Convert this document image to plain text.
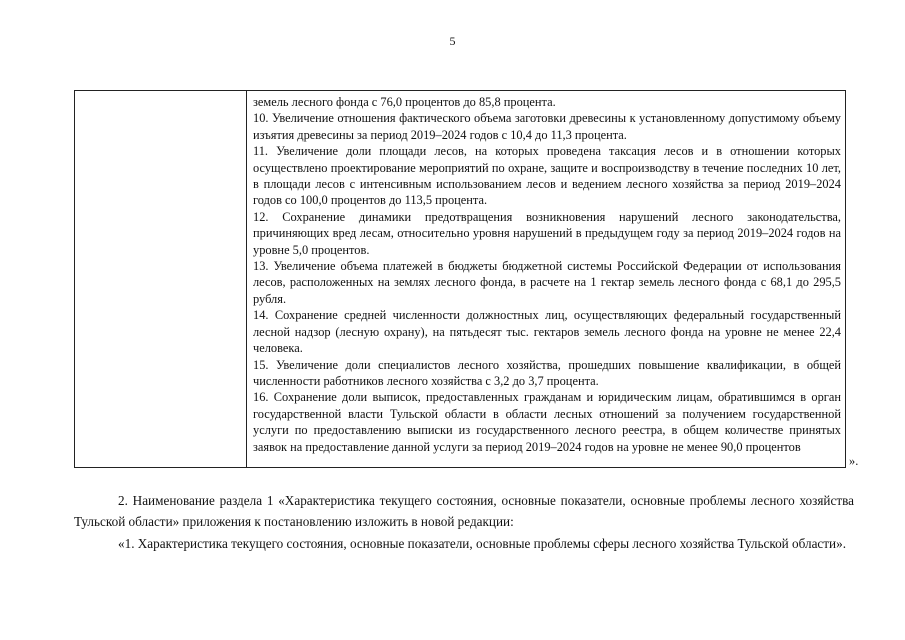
5

земель лесного фонда с 76,0 процентов до 85,8 процента.

10. Увеличение отношения фактического объема заготовки древесины к установленному допустимому объему изъятия древесины за период 2019–2024 годов с 10,4 до 11,3 процента.

11. Увеличение доли площади лесов, на которых проведена таксация лесов и в отношении которых осуществлено проектирование мероприятий по охране, защите и воспроизводству в течение последних 10 лет, в площади лесов с интенсивным использованием лесов и ведением лесного хозяйства за период 2019–2024 годов со 100,0 процентов до 113,5 процента.

12. Сохранение динамики предотвращения возникновения нарушений лесного законодательства, причиняющих вред лесам, относительно уровня нарушений в предыдущем году за период 2019–2024 годов на уровне 5,0 процентов.

13. Увеличение объема платежей в бюджеты бюджетной системы Российской Федерации от использования лесов, расположенных на землях лесного фонда, в расчете на 1 гектар земель лесного фонда с 68,1 до 295,5 рубля.

14. Сохранение средней численности должностных лиц, осуществляющих федеральный государственный лесной надзор (лесную охрану), на пятьдесят тыс. гектаров земель лесного фонда на уровне не менее 22,4 человека.

15. Увеличение доли специалистов лесного хозяйства, прошедших повышение квалификации, в общей численности работников лесного хозяйства с 3,2 до 3,7 процента.

16. Сохранение доли выписок, предоставленных гражданам и юридическим лицам, обратившимся в орган государственной власти Тульской области в области лесных отношений за получением государственной услуги по предоставлению выписки из государственного лесного реестра, в общем количестве принятых заявок на предоставление данной услуги за период 2019–2024 годов на уровне не менее 90,0 процентов

».

2. Наименование раздела 1 «Характеристика текущего состояния, основные показатели, основные проблемы лесного хозяйства Тульской области» приложения к постановлению изложить в новой редакции:

«1. Характеристика текущего состояния, основные показатели, основные проблемы сферы лесного хозяйства Тульской области».
